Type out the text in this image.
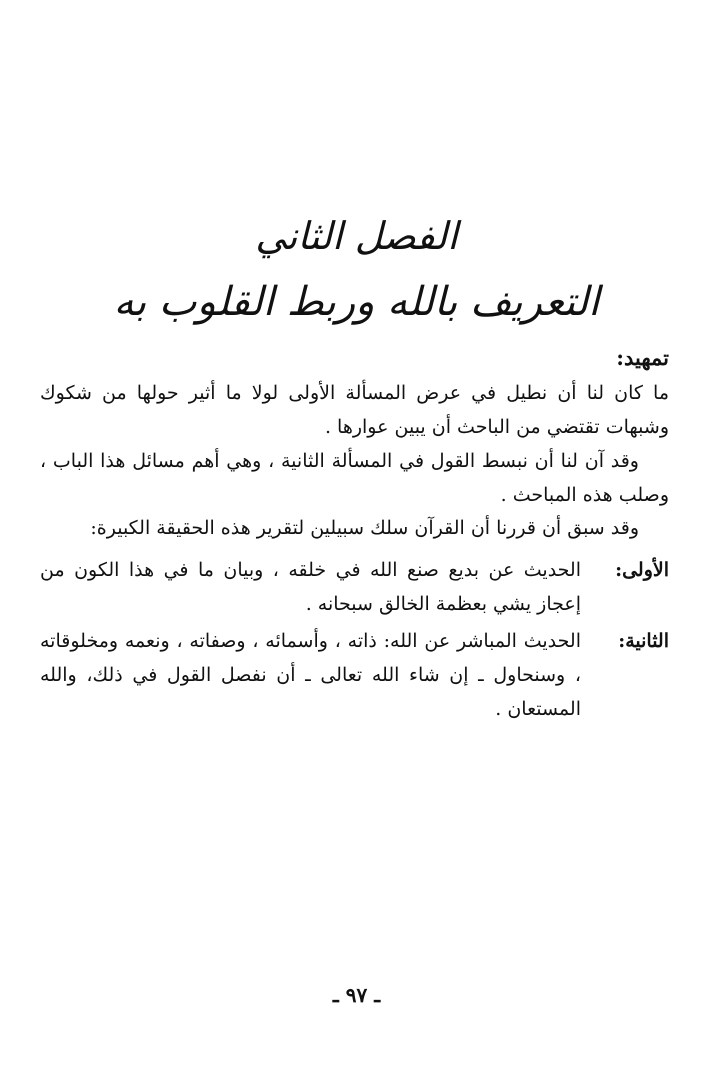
الفصل الثاني
التعريف بالله وربط القلوب به
تمهيد:

ما كان لنا أن نطيل في عرض المسألة الأولى لولا ما أثير حولها من شكوك وشبهات تقتضي من الباحث أن يبين عوارها .

وقد آن لنا أن نبسط القول في المسألة الثانية ، وهي أهم مسائل هذا الباب ، وصلب هذه المباحث .

وقد سبق أن قررنا أن القرآن سلك سبيلين لتقرير هذه الحقيقة الكبيرة:

الأولى:
الحديث عن بديع صنع الله في خلقه ، وبيان ما في هذا الكون من إعجاز يشي بعظمة الخالق سبحانه .
الثانية:
الحديث المباشر عن الله: ذاته ، وأسمائه ، وصفاته ، ونعمه ومخلوقاته ، وسنحاول ـ إن شاء الله تعالى ـ أن نفصل القول في ذلك، والله المستعان .
ـ ٩٧ ـ
